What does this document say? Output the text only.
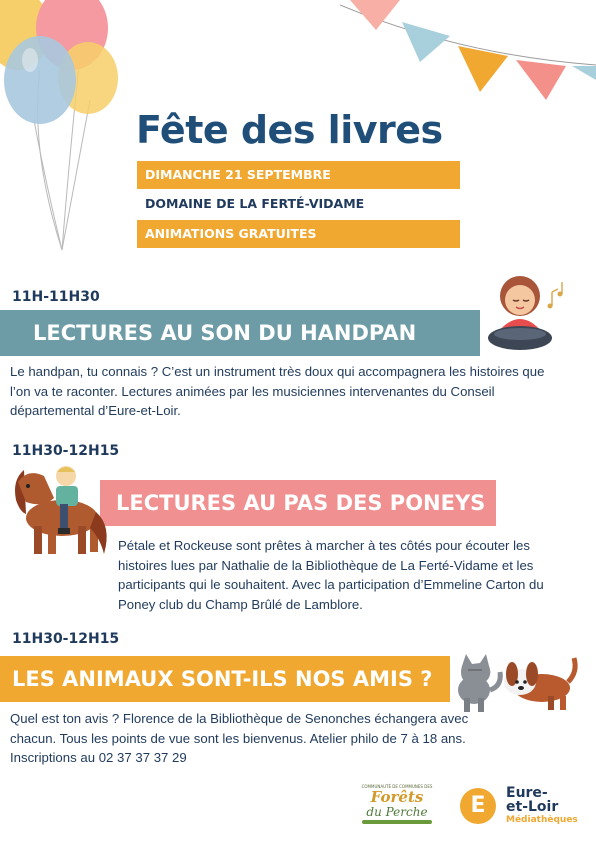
Fête des livres
DIMANCHE 21 SEPTEMBRE
DOMAINE DE LA FERTÉ-VIDAME
ANIMATIONS GRATUITES
11H-11H30
LECTURES AU SON DU HANDPAN
Le handpan, tu connais ? C’est un instrument très doux qui accompagnera les histoires que l’on va te raconter. Lectures animées par les musiciennes intervenantes du Conseil départemental d’Eure-et-Loir.
11H30-12H15
LECTURES AU PAS DES PONEYS
Pétale et Rockeuse sont prêtes à marcher à tes côtés pour écouter les histoires lues par Nathalie de la Bibliothèque de La Ferté-Vidame et les participants qui le souhaitent. Avec la participation d’Emmeline Carton du Poney club du Champ Brûlé de Lamblore.
11H30-12H15
LES ANIMAUX SONT-ILS NOS AMIS ?
Quel est ton avis ? Florence de la Bibliothèque de Senonches échangera avec chacun. Tous les points de vue sont les bienvenus. Atelier philo de 7 à 18 ans. Inscriptions au 02 37 37 37 29
COMMUNAUTÉ DE COMMUNES DES
Forêts
du Perche	E	Eure-
et-Loir
Médiathèques
